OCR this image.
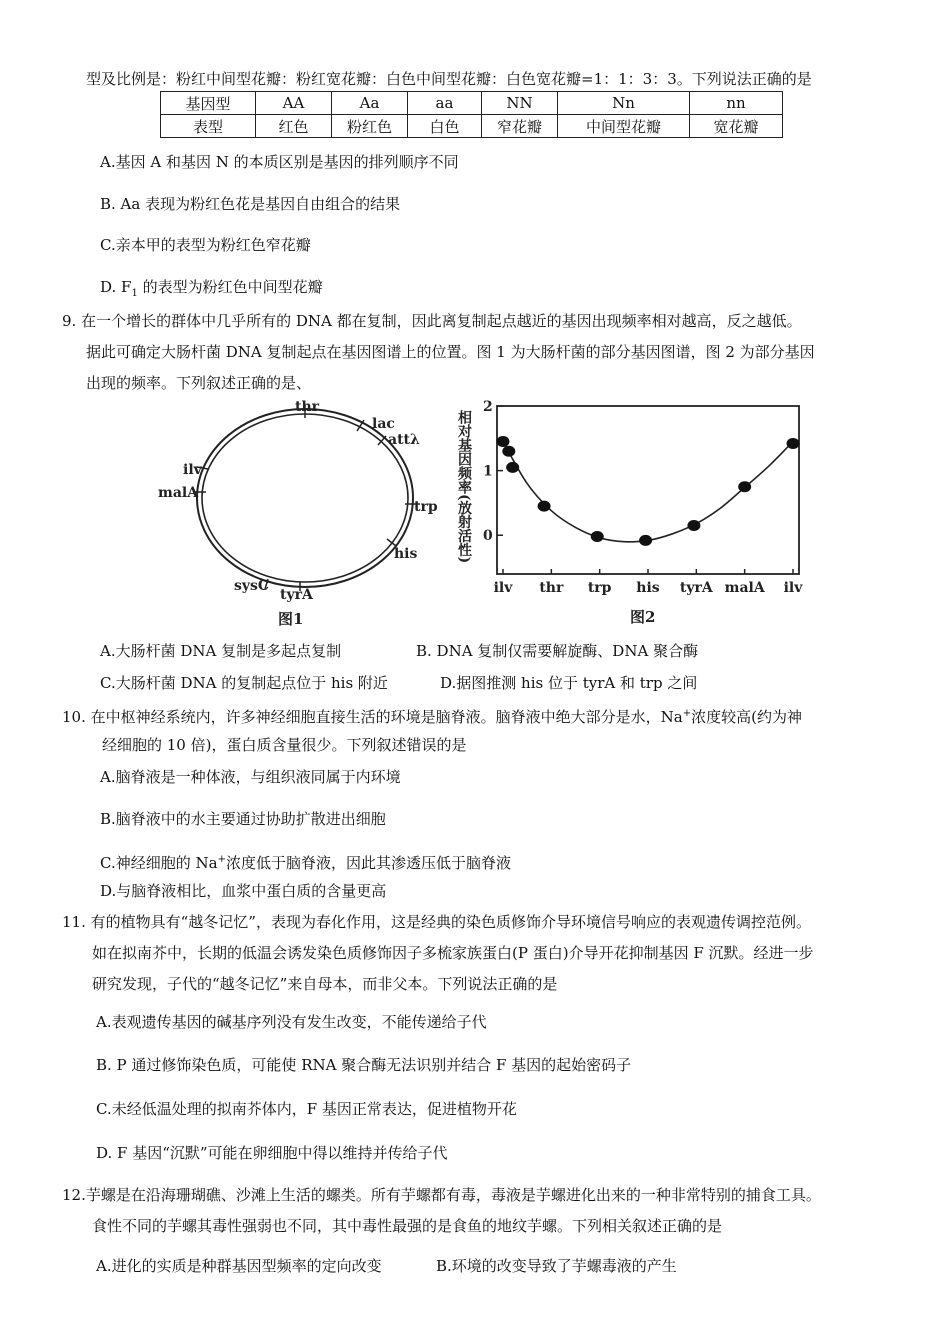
型及比例是：粉红中间型花瓣：粉红宽花瓣：白色中间型花瓣：白色宽花瓣=1：1：3：3。下列说法正确的是
基因型	AA	Aa	aa	NN	Nn	nn
表型	红色	粉红色	白色	窄花瓣	中间型花瓣	宽花瓣
A.基因 A 和基因 N 的本质区别是基因的排列顺序不同
B. Aa 表现为粉红色花是基因自由组合的结果
C.亲本甲的表型为粉红色窄花瓣
D. $F_1$ 的表型为粉红色中间型花瓣
9. 在一个增长的群体中几乎所有的 DNA 都在复制，因此离复制起点越近的基因出现频率相对越高，反之越低。
据此可确定大肠杆菌 DNA 复制起点在基因图谱上的位置。图 1 为大肠杆菌的部分基因图谱，图 2 为部分基因
出现的频率。下列叙述正确的是、
thr
lac
attλ
ilv
malA
trp
his
sysC
tyrA
图1
相对基因频率(放射活性) 0
1
2
ilv thr trp his tyrA malA ilv
图2
A.大肠杆菌 DNA 复制是多起点复制	B. DNA 复制仅需要解旋酶、DNA 聚合酶
C.大肠杆菌 DNA 的复制起点位于 his 附近	D.据图推测 his 位于 tyrA 和 trp 之间
10. 在中枢神经系统内，许多神经细胞直接生活的环境是脑脊液。脑脊液中绝大部分是水，Na+浓度较高(约为神
经细胞的 10 倍)，蛋白质含量很少。下列叙述错误的是
A.脑脊液是一种体液，与组织液同属于内环境
B.脑脊液中的水主要通过协助扩散进出细胞
C.神经细胞的 Na+浓度低于脑脊液，因此其渗透压低于脑脊液
D.与脑脊液相比，血浆中蛋白质的含量更高
11. 有的植物具有“越冬记忆”，表现为春化作用，这是经典的染色质修饰介导环境信号响应的表观遗传调控范例。
如在拟南芥中，长期的低温会诱发染色质修饰因子多梳家族蛋白(P 蛋白)介导开花抑制基因 F 沉默。经进一步
研究发现，子代的“越冬记忆”来自母本，而非父本。下列说法正确的是
A.表观遗传基因的碱基序列没有发生改变，不能传递给子代
B. P 通过修饰染色质，可能使 RNA 聚合酶无法识别并结合 F 基因的起始密码子
C.未经低温处理的拟南芥体内，F 基因正常表达，促进植物开花
D. F 基因“沉默”可能在卵细胞中得以维持并传给子代
12.芋螺是在沿海珊瑚礁、沙滩上生活的螺类。所有芋螺都有毒，毒液是芋螺进化出来的一种非常特别的捕食工具。
食性不同的芋螺其毒性强弱也不同，其中毒性最强的是食鱼的地纹芋螺。下列相关叙述正确的是
A.进化的实质是种群基因型频率的定向改变	B.环境的改变导致了芋螺毒液的产生
